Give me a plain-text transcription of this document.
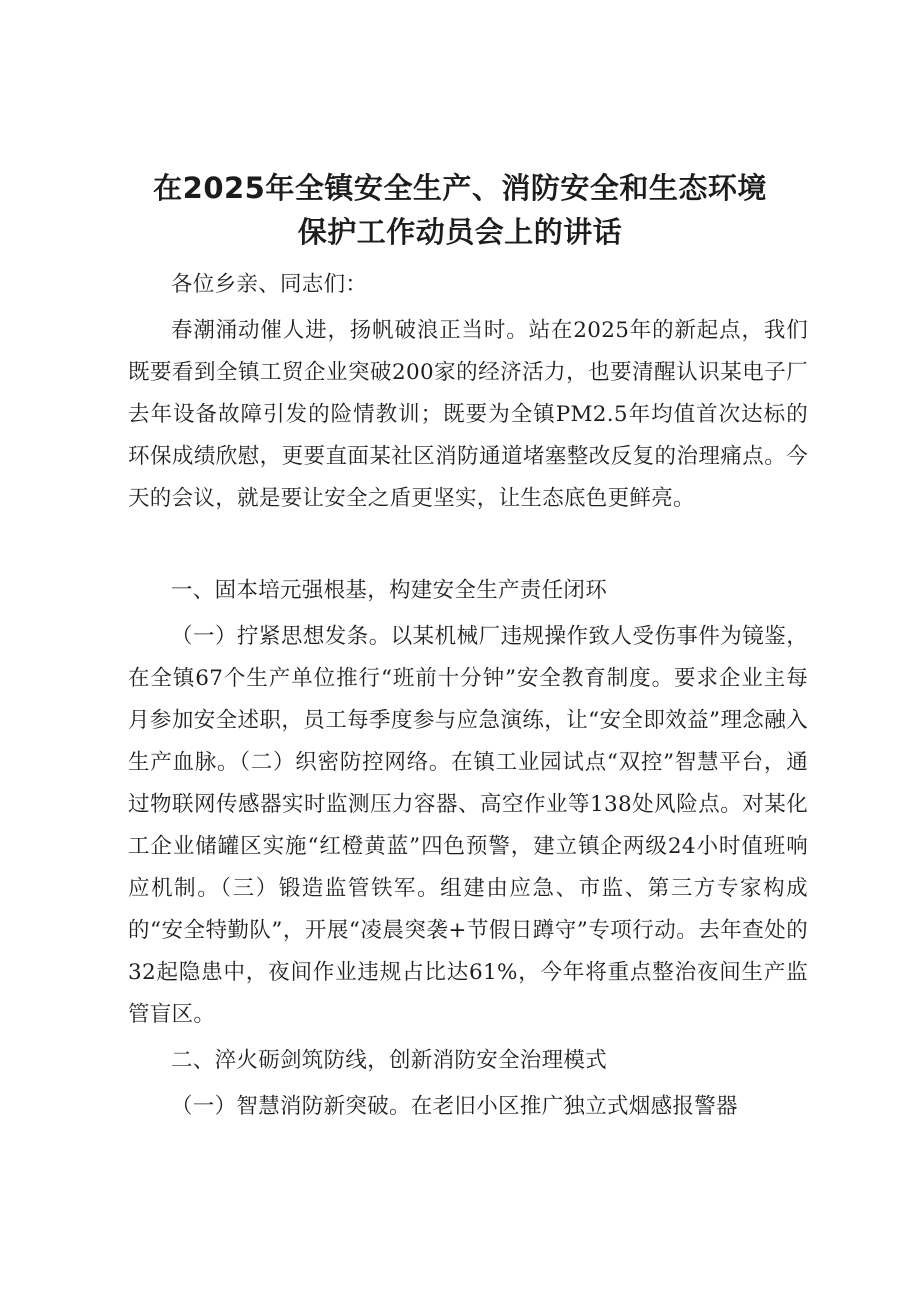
在2025年全镇安全生产、消防安全和生态环境
保护工作动员会上的讲话
各位乡亲、同志们：
春潮涌动催人进，扬帆破浪正当时。站在2025年的新起点，我们既要看到全镇工贸企业突破200家的经济活力，也要清醒认识某电子厂去年设备故障引发的险情教训；既要为全镇PM2.5年均值首次达标的环保成绩欣慰，更要直面某社区消防通道堵塞整改反复的治理痛点。今天的会议，就是要让安全之盾更坚实，让生态底色更鲜亮。
一、固本培元强根基，构建安全生产责任闭环
（一）拧紧思想发条。以某机械厂违规操作致人受伤事件为镜鉴，在全镇67个生产单位推行“班前十分钟”安全教育制度。要求企业主每月参加安全述职，员工每季度参与应急演练，让“安全即效益”理念融入生产血脉。（二）织密防控网络。在镇工业园试点“双控”智慧平台，通过物联网传感器实时监测压力容器、高空作业等138处风险点。对某化工企业储罐区实施“红橙黄蓝”四色预警，建立镇企两级24小时值班响应机制。（三）锻造监管铁军。组建由应急、市监、第三方专家构成的“安全特勤队”，开展“凌晨突袭+节假日蹲守”专项行动。去年查处的32起隐患中，夜间作业违规占比达61%，今年将重点整治夜间生产监管盲区。
二、淬火砺剑筑防线，创新消防安全治理模式
（一）智慧消防新突破。在老旧小区推广独立式烟感报警器
